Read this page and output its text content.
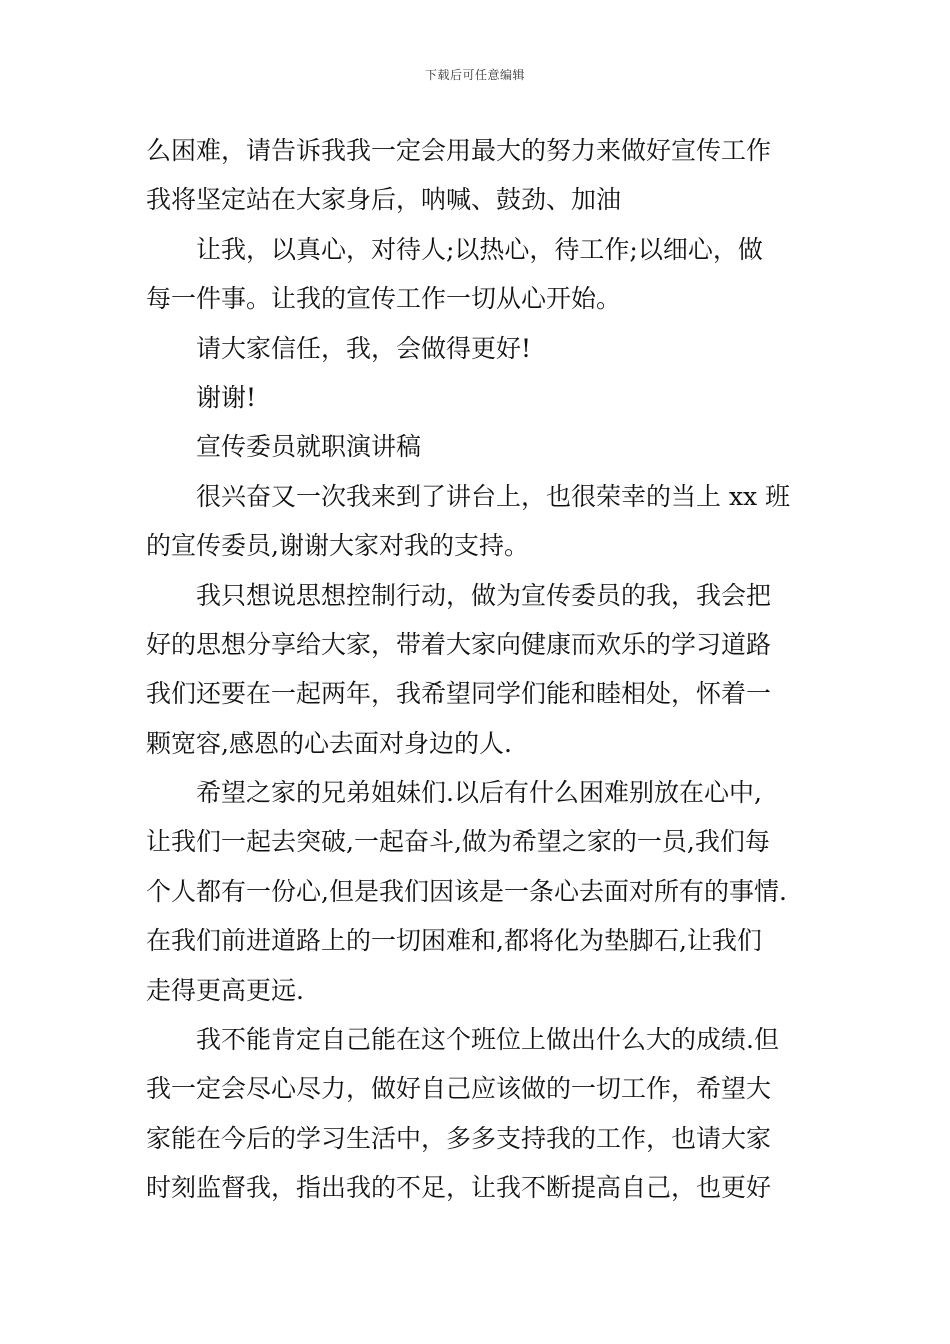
下载后可任意编辑
么困难，请告诉我我一定会用最大的努力来做好宣传工作
我将坚定站在大家身后，呐喊、鼓劲、加油
让我，以真心，对待人;以热心，待工作;以细心，做
每一件事。让我的宣传工作一切从心开始。
请大家信任，我，会做得更好!
谢谢!
宣传委员就职演讲稿
很兴奋又一次我来到了讲台上，也很荣幸的当上 xx 班
的宣传委员,谢谢大家对我的支持。
我只想说思想控制行动，做为宣传委员的我，我会把
好的思想分享给大家，带着大家向健康而欢乐的学习道路
我们还要在一起两年，我希望同学们能和睦相处，怀着一
颗宽容,感恩的心去面对身边的人.
希望之家的兄弟姐妹们.以后有什么困难别放在心中,
让我们一起去突破,一起奋斗,做为希望之家的一员,我们每
个人都有一份心,但是我们因该是一条心去面对所有的事情.
在我们前进道路上的一切困难和,都将化为垫脚石,让我们
走得更高更远.
我不能肯定自己能在这个班位上做出什么大的成绩.但
我一定会尽心尽力，做好自己应该做的一切工作，希望大
家能在今后的学习生活中，多多支持我的工作，也请大家
时刻监督我，指出我的不足，让我不断提高自己，也更好
